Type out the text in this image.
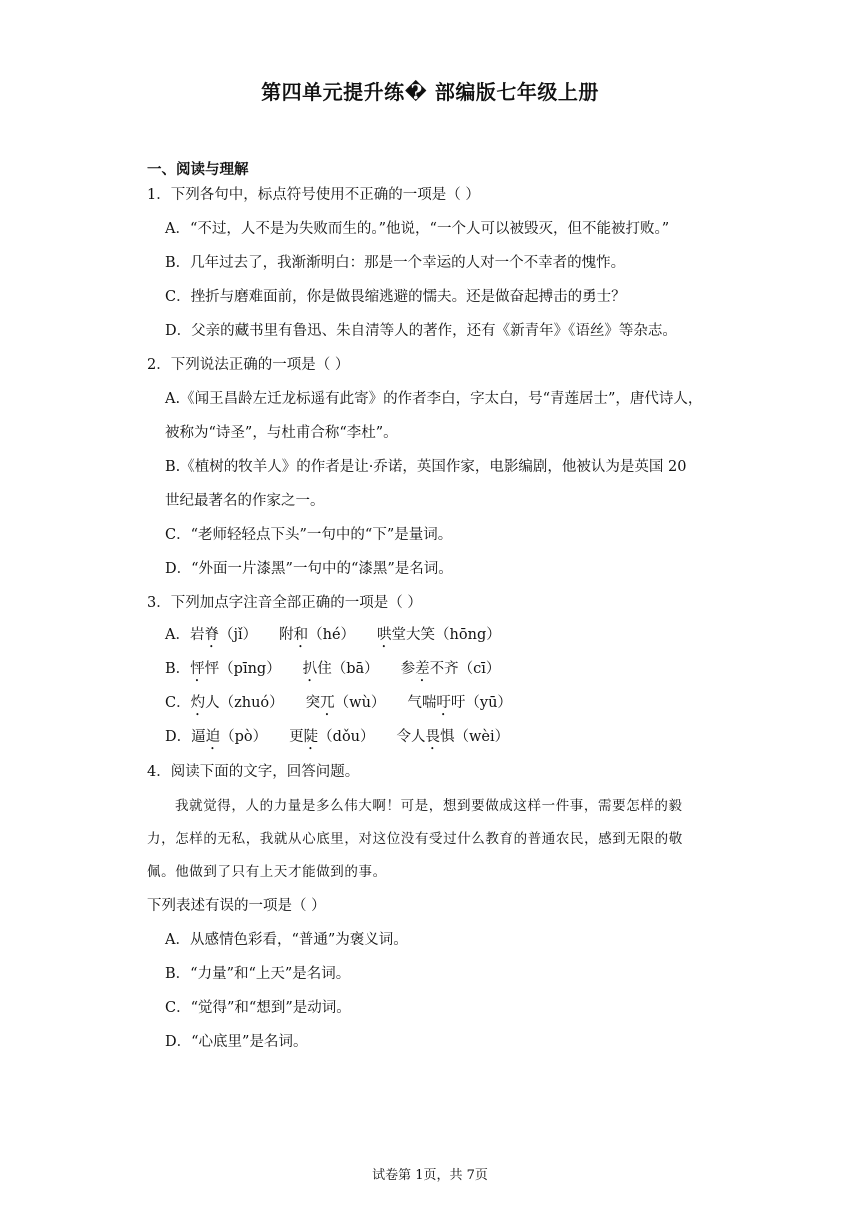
第四单元提升练� 部编版七年级上册
一、阅读与理解
1．下列各句中，标点符号使用不正确的一项是（ ）
A．“不过，人不是为失败而生的。”他说，“一个人可以被毁灭，但不能被打败。”
B．几年过去了，我渐渐明白：那是一个幸运的人对一个不幸者的愧怍。
C．挫折与磨难面前，你是做畏缩逃避的懦夫。还是做奋起搏击的勇士？
D．父亲的藏书里有鲁迅、朱自清等人的著作，还有《新青年》《语丝》等杂志。
2．下列说法正确的一项是（ ）
A.《闻王昌龄左迁龙标遥有此寄》的作者李白，字太白，号“青莲居士”，唐代诗人，
被称为“诗圣”，与杜甫合称“李杜”。
B.《植树的牧羊人》的作者是让·乔诺，英国作家，电影编剧，他被认为是英国 20
世纪最著名的作家之一。
C．“老师轻轻点下头”一句中的“下”是量词。
D．“外面一片漆黑”一句中的“漆黑”是名词。
3．下列加点字注音全部正确的一项是（ ）
A．岩脊（jǐ） 附和（hé） 哄堂大笑（hōng）
B．怦怦（pīng） 扒住（bā） 参差不齐（cī）
C．灼人（zhuó） 突兀（wù） 气喘吁吁（yū）
D．逼迫（pò） 更陡（dǒu） 令人畏惧（wèi）
4．阅读下面的文字，回答问题。
我就觉得，人的力量是多么伟大啊！可是，想到要做成这样一件事，需要怎样的毅
力，怎样的无私，我就从心底里，对这位没有受过什么教育的普通农民，感到无限的敬
佩。他做到了只有上天才能做到的事。
下列表述有误的一项是（ ）
A．从感情色彩看，“普通”为褒义词。
B．“力量”和“上天”是名词。
C．“觉得”和“想到”是动词。
D．“心底里”是名词。
试卷第 1页，共 7页
